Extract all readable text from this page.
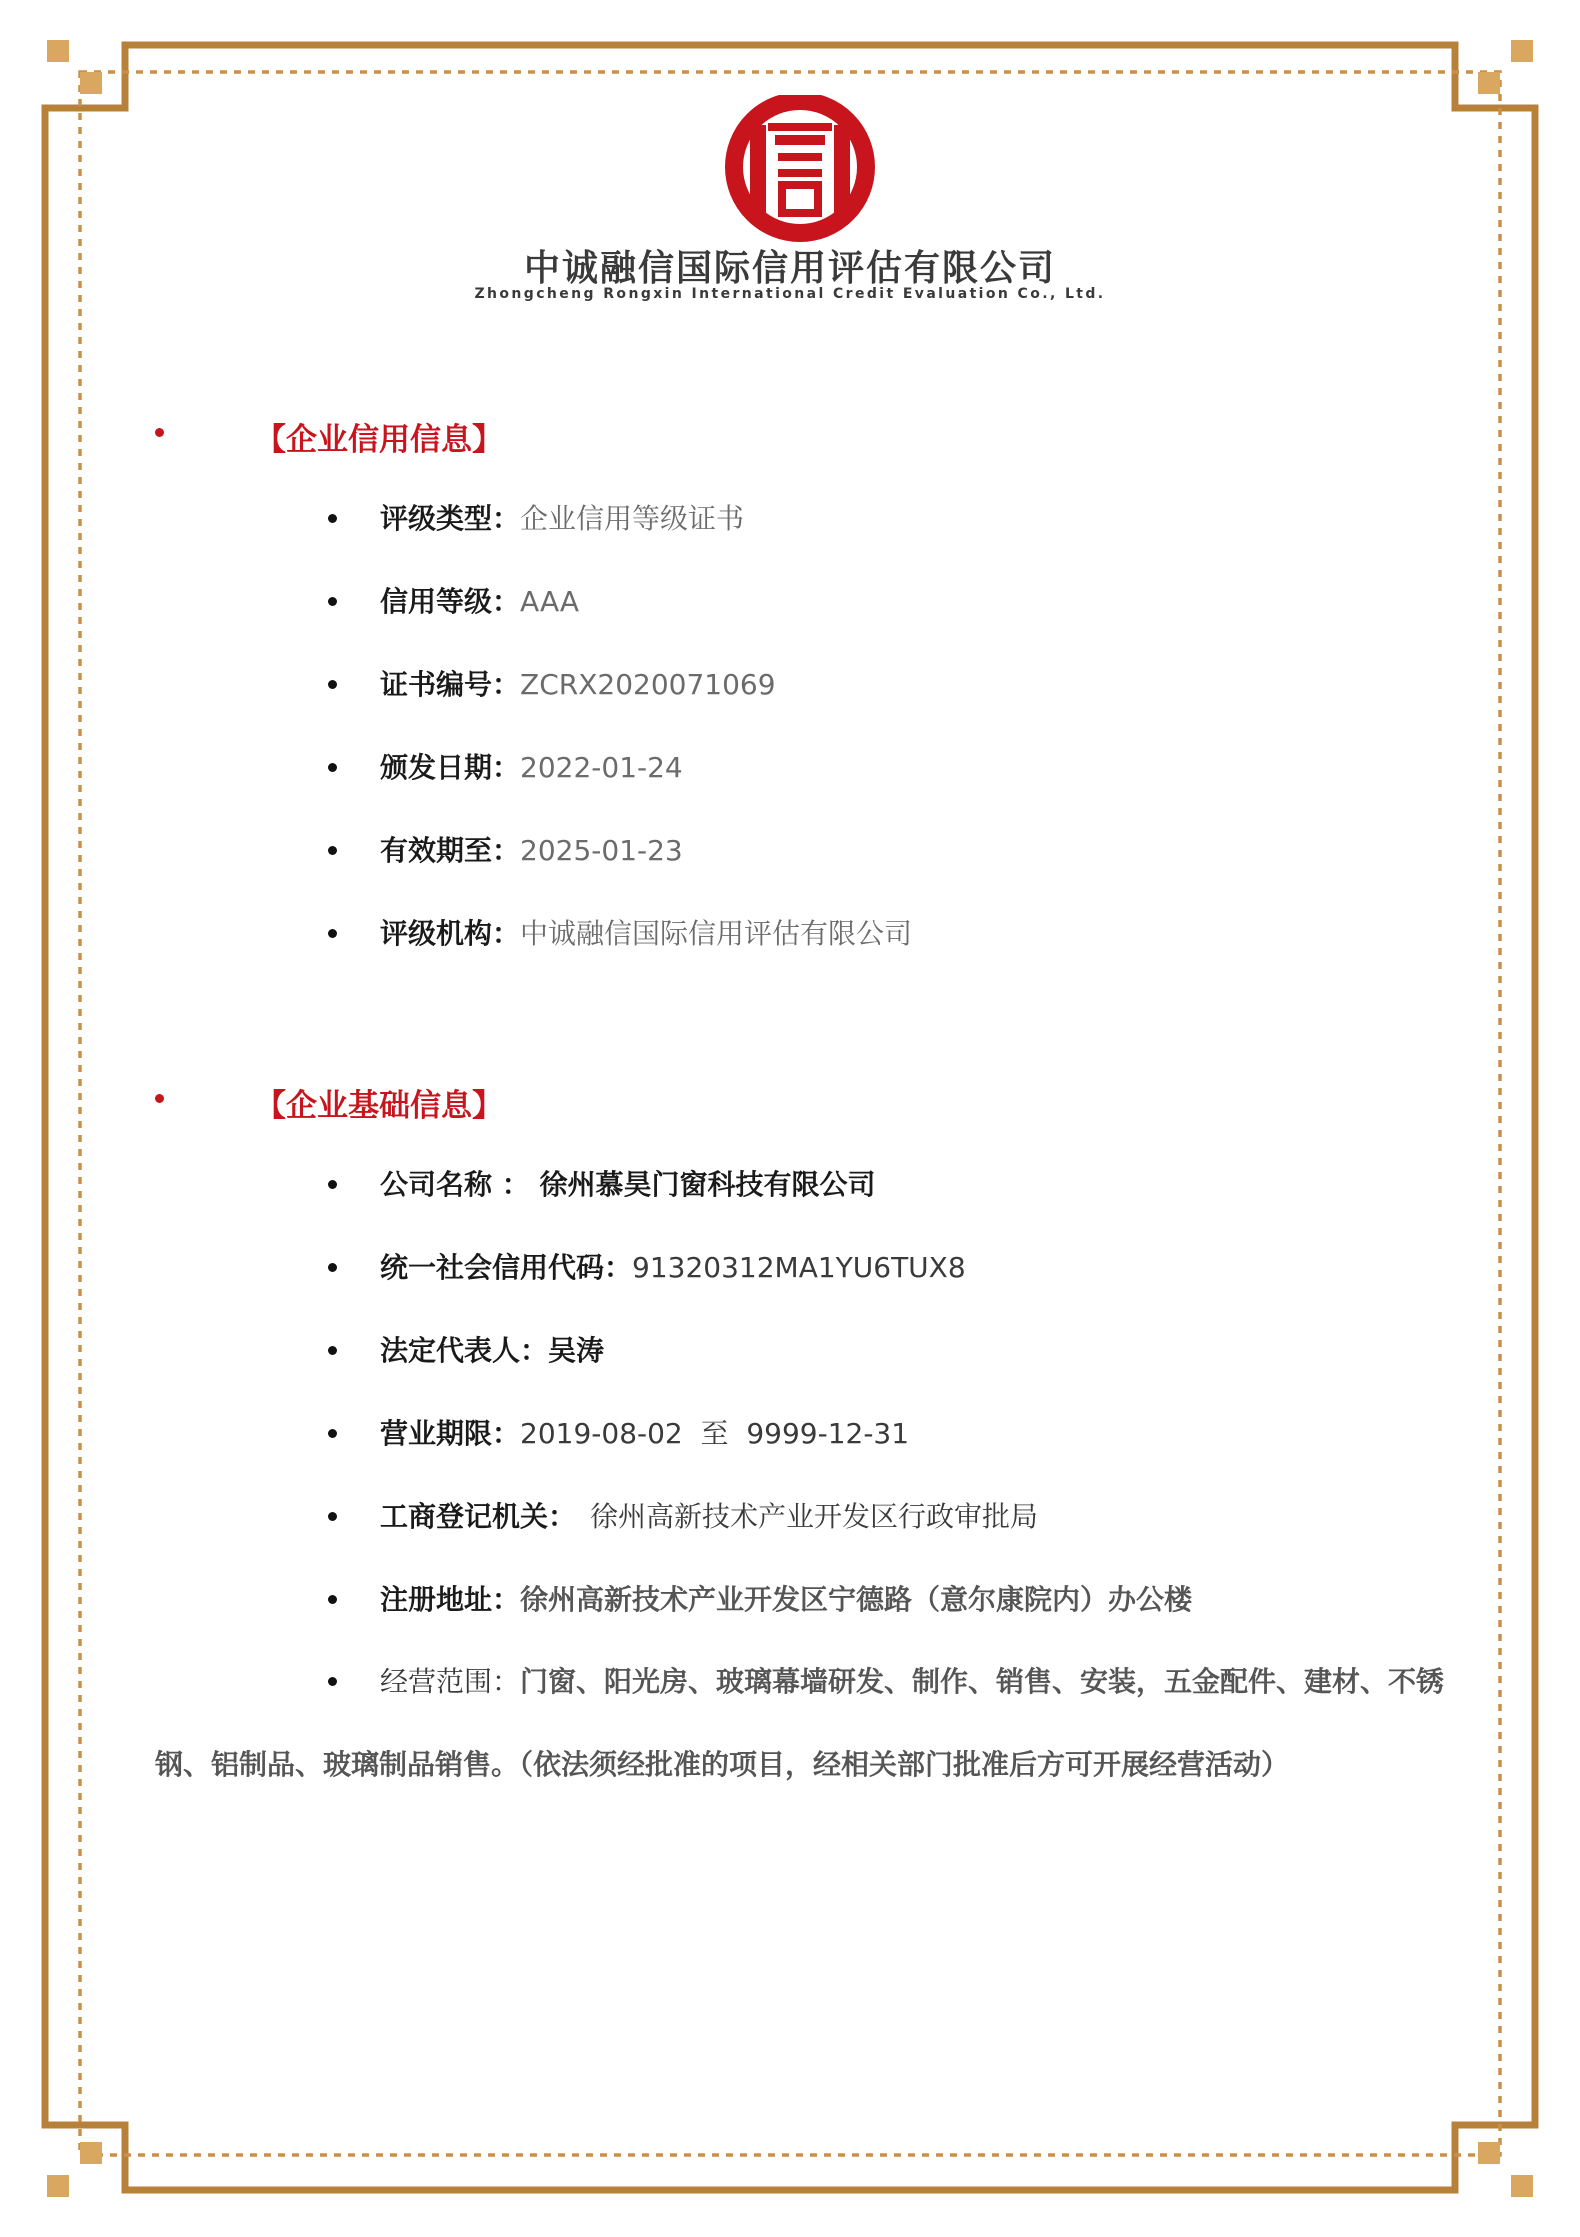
中诚融信国际信用评估有限公司
Zhongcheng Rongxin International Credit Evaluation Co., Ltd.
【企业信用信息】
评级类型：企业信用等级证书
信用等级：AAA
证书编号：ZCRX2020071069
颁发日期：2022-01-24
有效期至：2025-01-23
评级机构：中诚融信国际信用评估有限公司
【企业基础信息】
公司名称 ： 徐州慕昊门窗科技有限公司
统一社会信用代码：91320312MA1YU6TUX8
法定代表人：吴涛
营业期限：2019-08-02  至  9999-12-31
工商登记机关： 徐州高新技术产业开发区行政审批局
注册地址：徐州高新技术产业开发区宁德路（意尔康院内）办公楼
经营范围：门窗、阳光房、玻璃幕墙研发、制作、销售、安装，五金配件、建材、不锈
钢、铝制品、玻璃制品销售。（依法须经批准的项目，经相关部门批准后方可开展经营活动）
